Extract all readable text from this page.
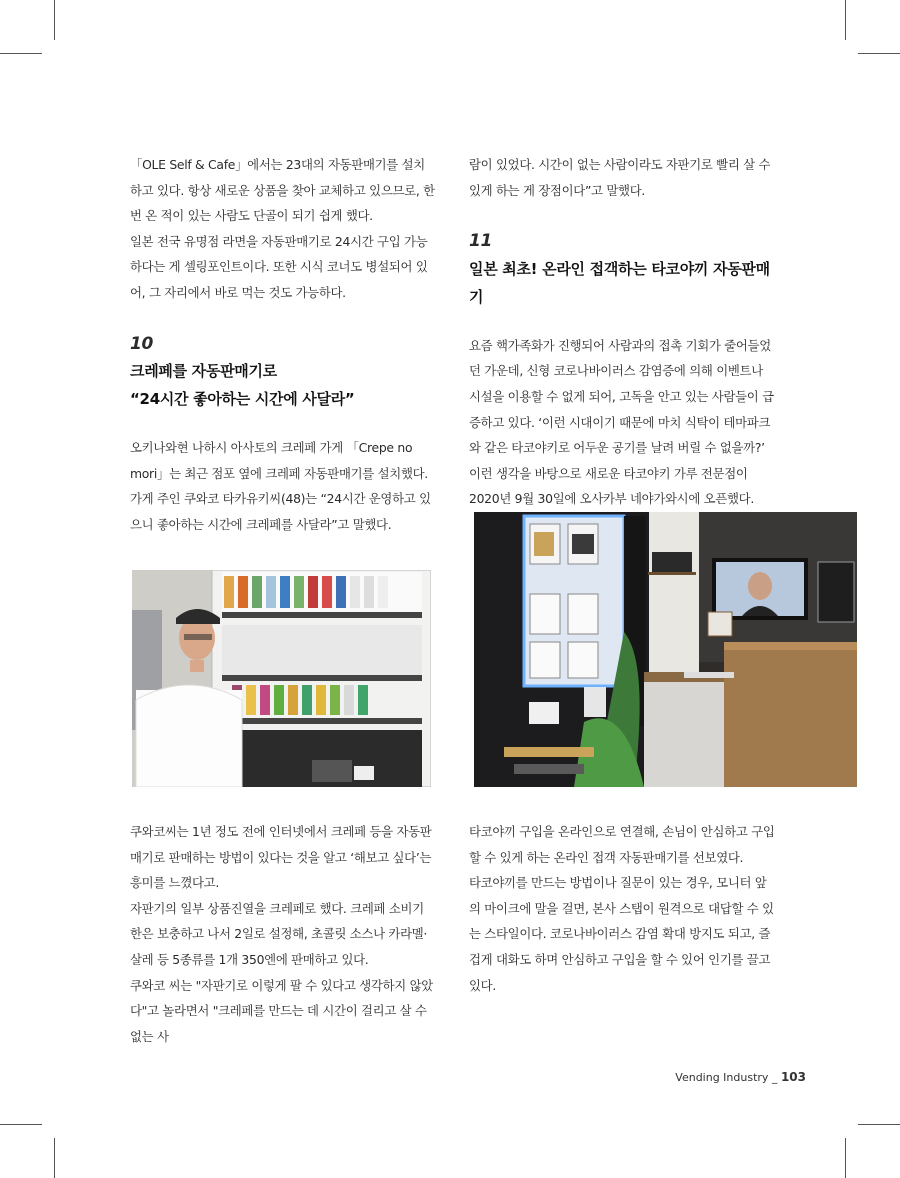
「OLE Self & Cafe」에서는 23대의 자동판매기를 설치하고 있다. 항상 새로운 상품을 찾아 교체하고 있으므로, 한 번 온 적이 있는 사람도 단골이 되기 쉽게 했다.

일본 전국 유명점 라면을 자동판매기로 24시간 구입 가능하다는 게 셀링포인트이다. 또한 시식 코너도 병설되어 있어, 그 자리에서 바로 먹는 것도 가능하다.

10

크레페를 자동판매기로

“24시간 좋아하는 시간에 사달라”

오키나와현 나하시 아사토의 크레페 가게 「Crepe no mori」는 최근 점포 옆에 크레페 자동판매기를 설치했다. 가게 주인 쿠와코 타카유키씨(48)는 “24시간 운영하고 있으니 좋아하는 시간에 크레페를 사달라”고 말했다.

쿠와코씨는 1년 정도 전에 인터넷에서 크레페 등을 자동판매기로 판매하는 방법이 있다는 것을 알고 ‘해보고 싶다’는 흥미를 느꼈다고.

자판기의 일부 상품진열을 크레페로 했다. 크레페 소비기한은 보충하고 나서 2일로 설정해, 초콜릿 소스나 카라멜·살레 등 5종류를 1개 350엔에 판매하고 있다.

쿠와코 씨는 "자판기로 이렇게 팔 수 있다고 생각하지 않았다"고 놀라면서 "크레페를 만드는 데 시간이 걸리고 살 수 없는 사

람이 있었다. 시간이 없는 사람이라도 자판기로 빨리 살 수 있게 하는 게 장점이다”고 말했다.

11

일본 최초! 온라인 접객하는 타코야끼 자동판매기

요즘 핵가족화가 진행되어 사람과의 접촉 기회가 줄어들었던 가운데, 신형 코로나바이러스 감염증에 의해 이벤트나 시설을 이용할 수 없게 되어, 고독을 안고 있는 사람들이 급증하고 있다. ‘이런 시대이기 때문에 마치 식탁이 테마파크와 같은 타코야키로 어두운 공기를 날려 버릴 수 없을까?’

이런 생각을 바탕으로 새로운 타코야키 가루 전문점이 2020년 9월 30일에 오사카부 네야가와시에 오픈했다.

타코야끼 구입을 온라인으로 연결해, 손님이 안심하고 구입할 수 있게 하는 온라인 접객 자동판매기를 선보였다.

타코야끼를 만드는 방법이나 질문이 있는 경우, 모니터 앞의 마이크에 말을 걸면, 본사 스탭이 원격으로 대답할 수 있는 스타일이다. 코로나바이러스 감염 확대 방지도 되고, 즐겁게 대화도 하며 안심하고 구입을 할 수 있어 인기를 끌고 있다.

Vending Industry _ 103
